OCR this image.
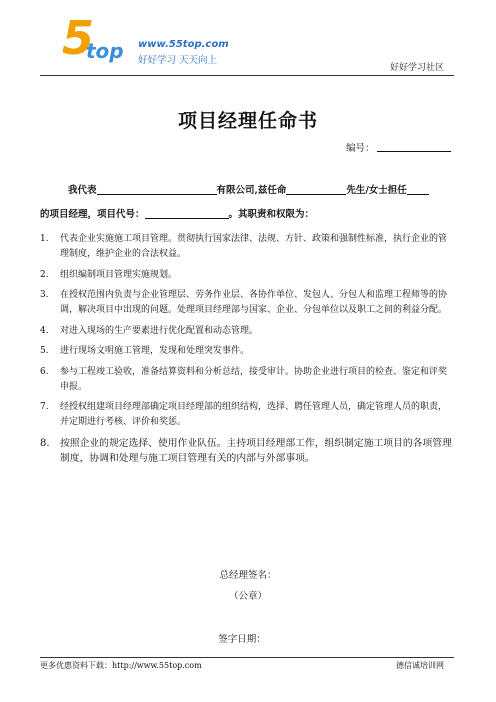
5
top www.55top.com
好好学习 天天向上
好好学习社区
项目经理任命书
编号：
我代表	有限公司,兹任命	先生/女士担任
的项目经理，项目代号：	。其职责和权限为：
1. 代表企业实施施工项目管理。贯彻执行国家法律、法规、方针、政策和强制性标准，执行企业的管理制度，维护企业的合法权益。
2. 组织编制项目管理实施规划。
3. 在授权范围内负责与企业管理层、劳务作业层、各协作单位、发包人、分包人和监理工程师等的协调，解决项目中出现的问题。处理项目经理部与国家、企业、分包单位以及职工之间的利益分配。
4. 对进入现场的生产要素进行优化配置和动态管理。
5. 进行现场文明施工管理，发现和处理突发事件。
6. 参与工程竣工验收，准备结算资料和分析总结，接受审计。协助企业进行项目的检查、鉴定和评奖申报。
7. 经授权组建项目经理部确定项目经理部的组织结构，选择、聘任管理人员，确定管理人员的职责，并定期进行考核、评价和奖惩。
8. 按照企业的规定选择、使用作业队伍。主持项目经理部工作，组织制定施工项目的各项管理制度，协调和处理与施工项目管理有关的内部与外部事项。
总经理签名：
（公章）
签字日期：
更多优惠资料下载：http://www.55top.com	德信诚培训网
